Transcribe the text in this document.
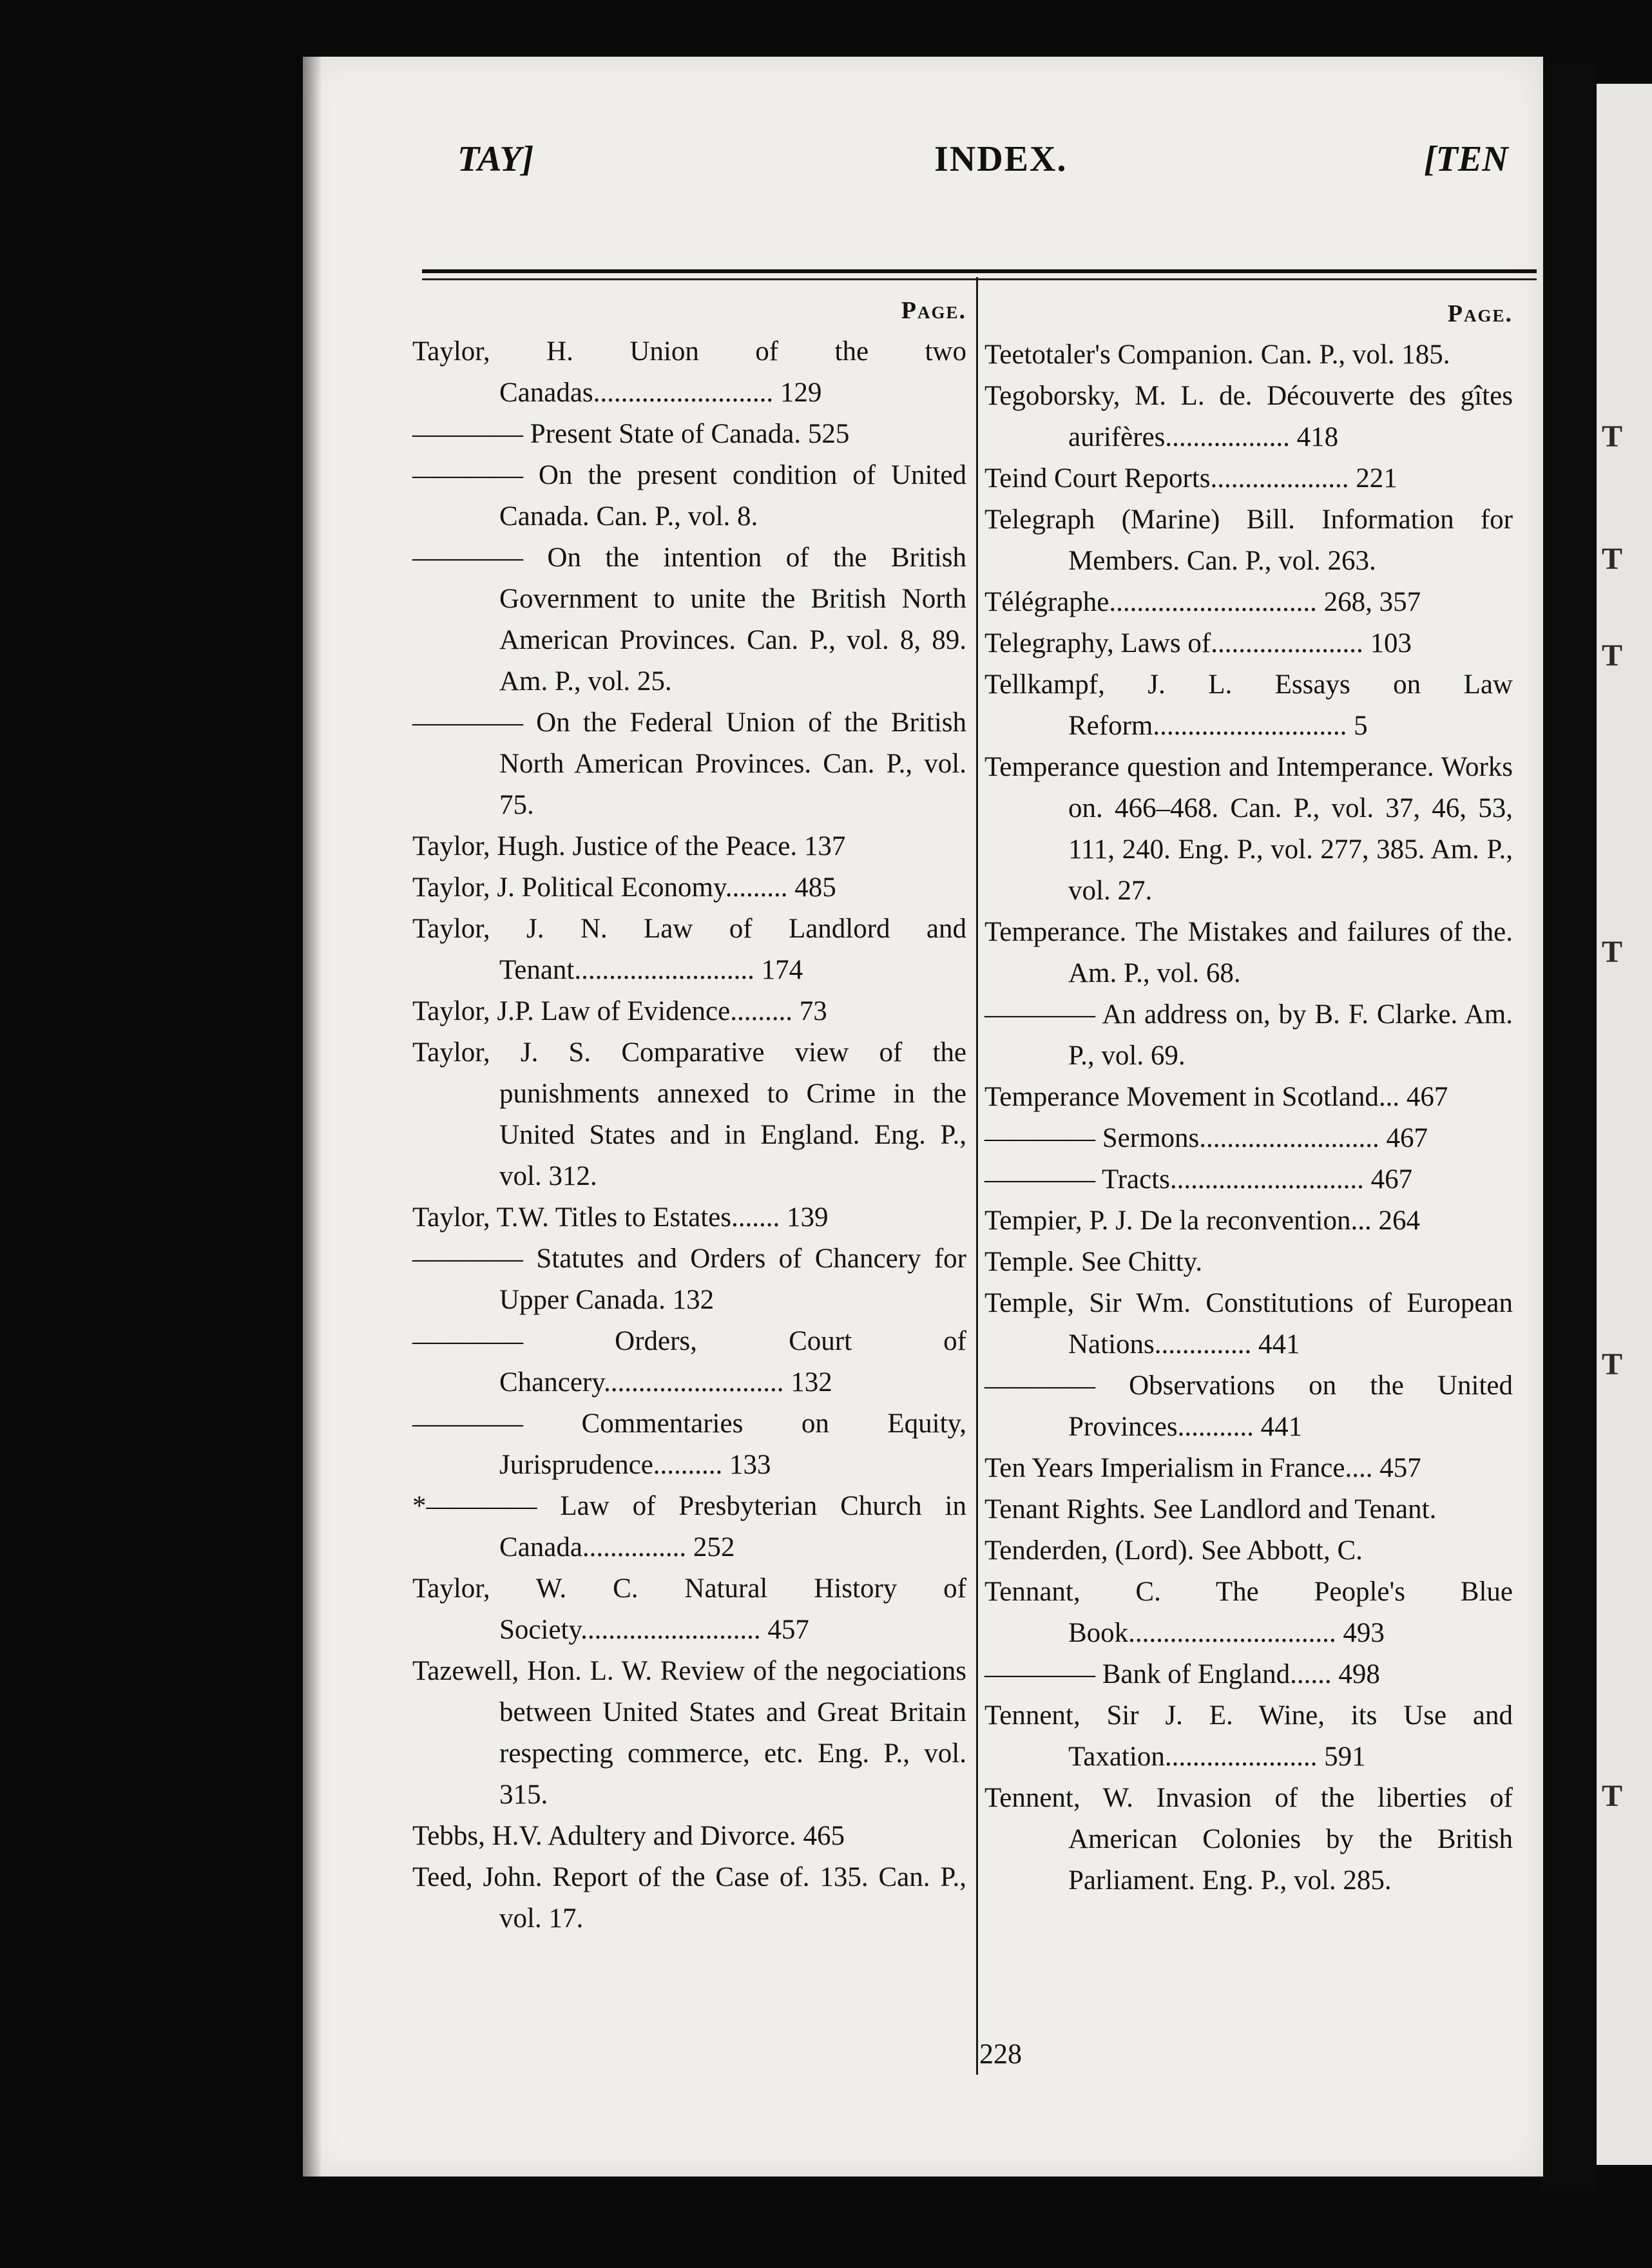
T
T
T
T
T
T
TAY]	INDEX.	[TEN
Page.

Taylor, H. Union of the two Canadas.......................... 129

———— Present State of Canada. 525

———— On the present condition of United Canada. Can. P., vol. 8.

———— On the intention of the British Government to unite the British North American Provinces. Can. P., vol. 8, 89. Am. P., vol. 25.

———— On the Federal Union of the British North American Provinces. Can. P., vol. 75.

Taylor, Hugh. Justice of the Peace. 137

Taylor, J. Political Economy......... 485

Taylor, J. N. Law of Landlord and Tenant.......................... 174

Taylor, J.P. Law of Evidence......... 73

Taylor, J. S. Comparative view of the punishments annexed to Crime in the United States and in England. Eng. P., vol. 312.

Taylor, T.W. Titles to Estates....... 139

———— Statutes and Orders of Chancery for Upper Canada. 132

———— Orders, Court of Chancery.......................... 132

———— Commentaries on Equity, Jurisprudence.......... 133

*———— Law of Presbyterian Church in Canada............... 252

Taylor, W. C. Natural History of Society.......................... 457

Tazewell, Hon. L. W. Review of the negociations between United States and Great Britain respecting commerce, etc. Eng. P., vol. 315.

Tebbs, H.V. Adultery and Divorce. 465

Teed, John. Report of the Case of. 135. Can. P., vol. 17.

Page.

Teetotaler's Companion. Can. P., vol. 185.

Tegoborsky, M. L. de. Découverte des gîtes aurifères.................. 418

Teind Court Reports.................... 221

Telegraph (Marine) Bill. Information for Members. Can. P., vol. 263.

Télégraphe.............................. 268, 357

Telegraphy, Laws of...................... 103

Tellkampf, J. L. Essays on Law Reform............................ 5

Temperance question and Intemperance. Works on. 466–468. Can. P., vol. 37, 46, 53, 111, 240. Eng. P., vol. 277, 385. Am. P., vol. 27.

Temperance. The Mistakes and failures of the. Am. P., vol. 68.

———— An address on, by B. F. Clarke. Am. P., vol. 69.

Temperance Movement in Scotland... 467

———— Sermons.......................... 467

———— Tracts............................ 467

Tempier, P. J. De la reconvention... 264

Temple. See Chitty.

Temple, Sir Wm. Constitutions of European Nations.............. 441

———— Observations on the United Provinces........... 441

Ten Years Imperialism in France.... 457

Tenant Rights. See Landlord and Tenant.

Tenderden, (Lord). See Abbott, C.

Tennant, C. The People's Blue Book.............................. 493

———— Bank of England...... 498

Tennent, Sir J. E. Wine, its Use and Taxation...................... 591

Tennent, W. Invasion of the liberties of American Colonies by the British Parliament. Eng. P., vol. 285.

228
